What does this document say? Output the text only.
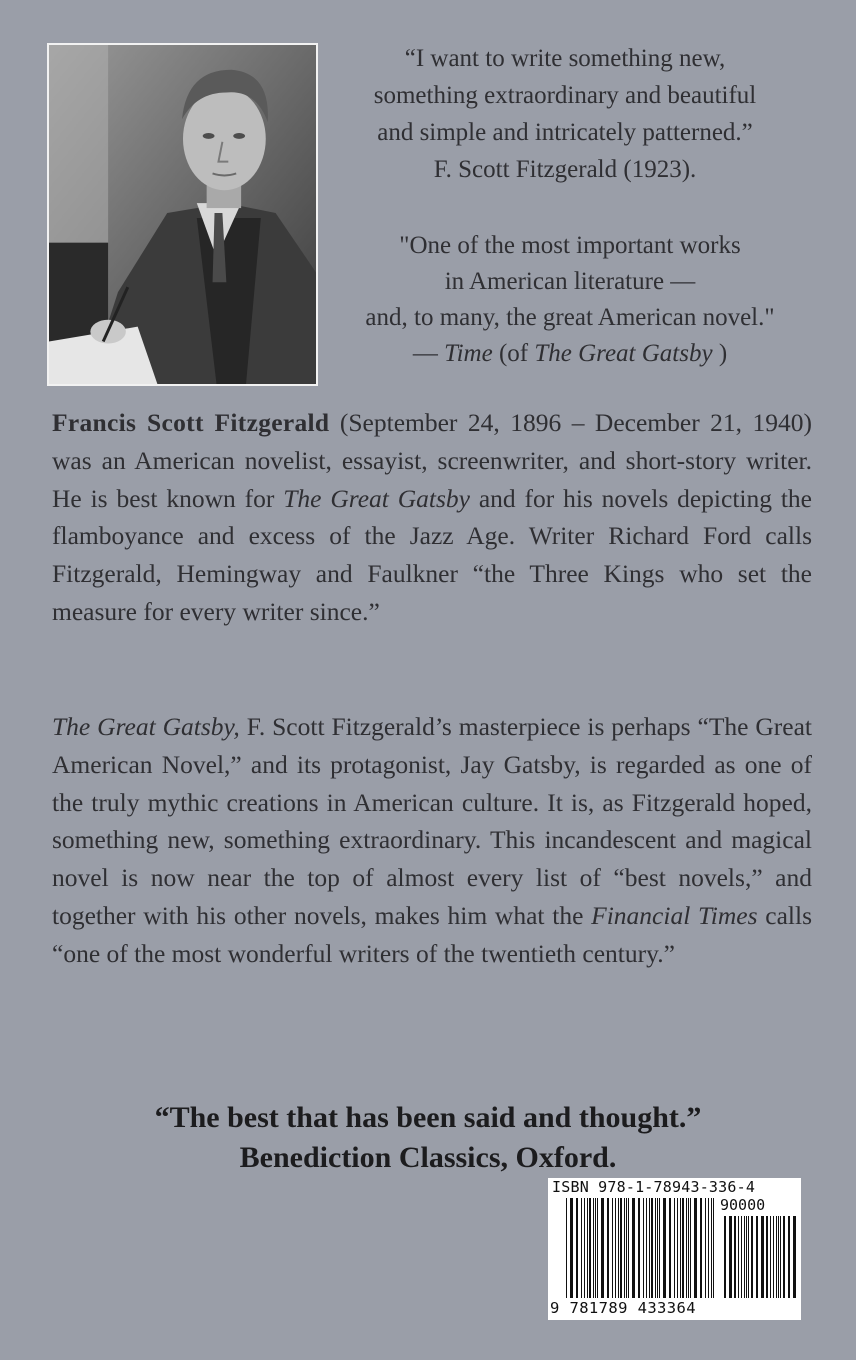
“I want to write something new,

something extraordinary and beautiful

and simple and intricately patterned.”

F. Scott Fitzgerald (1923).

"One of the most important works

in American literature —

and, to many, the great American novel."

— Time (of The Great Gatsby )

Francis Scott Fitzgerald (September 24, 1896 – December 21, 1940) was an American novelist, essayist, screenwriter, and short-story writer. He is best known for The Great Gatsby and for his novels depicting the flamboyance and excess of the Jazz Age. Writer Richard Ford calls Fitzgerald, Hemingway and Faulkner “the Three Kings who set the measure for every writer since.”

The Great Gatsby, F. Scott Fitzgerald’s masterpiece is perhaps “The Great American Novel,” and its protagonist, Jay Gatsby, is regarded as one of the truly mythic creations in American culture. It is, as Fitzgerald hoped, something new, something extraordinary. This incandescent and magical novel is now near the top of almost every list of “best novels,” and together with his other novels, makes him what the Financial Times calls “one of the most wonderful writers of the twentieth century.”

“The best that has been said and thought.”

Benediction Classics, Oxford.

ISBN 978-1-78943-336-4
90000
9 781789 433364
